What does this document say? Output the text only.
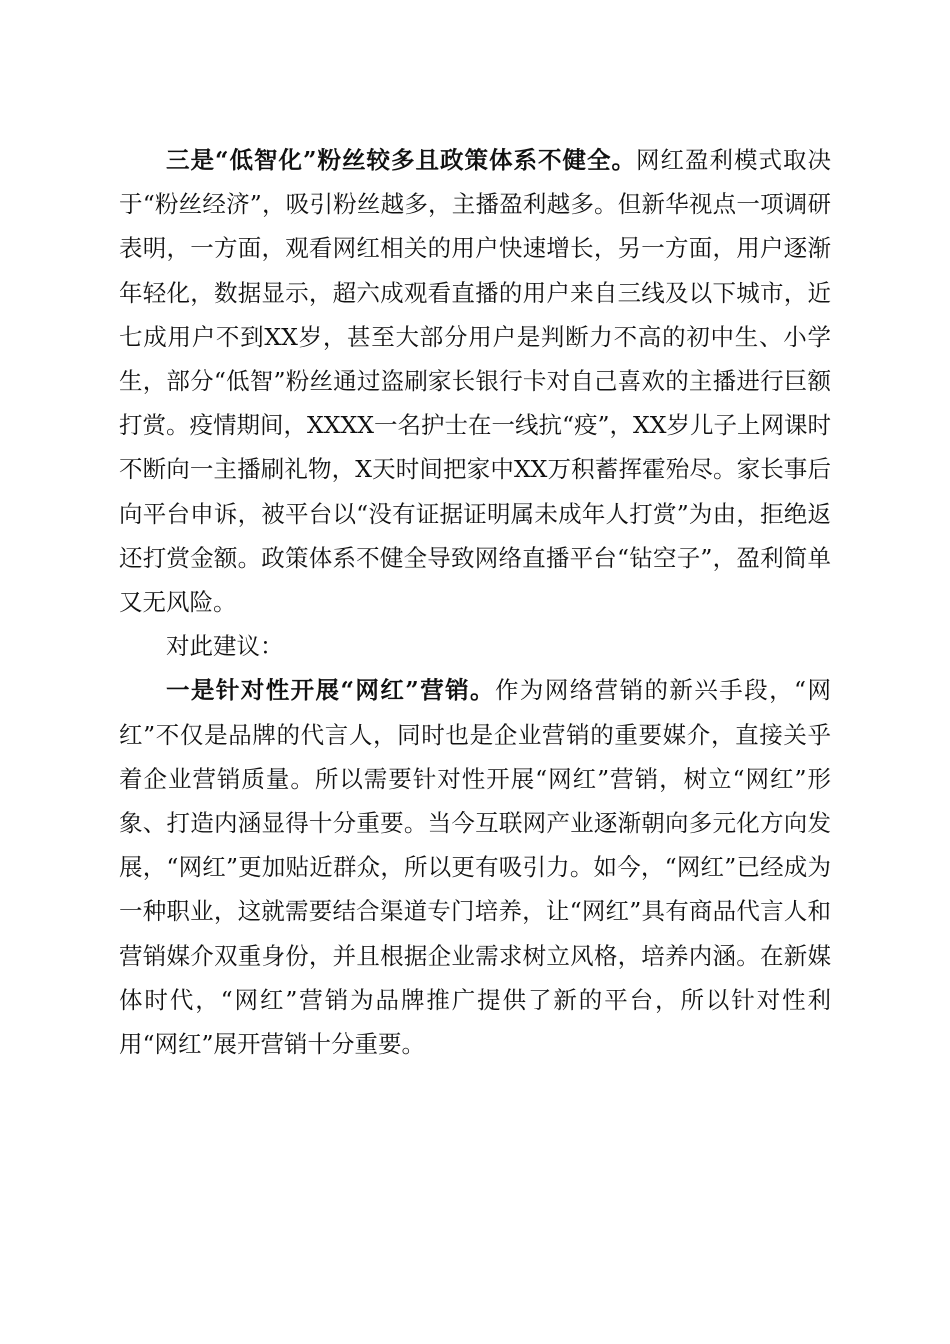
三是“低智化”粉丝较多且政策体系不健全。网红盈利模式取决于“粉丝经济”，吸引粉丝越多，主播盈利越多。但新华视点一项调研表明，一方面，观看网红相关的用户快速增长，另一方面，用户逐渐年轻化，数据显示，超六成观看直播的用户来自三线及以下城市，近七成用户不到XX岁，甚至大部分用户是判断力不高的初中生、小学生，部分“低智”粉丝通过盗刷家长银行卡对自己喜欢的主播进行巨额打赏。疫情期间，XXXX一名护士在一线抗“疫”，XX岁儿子上网课时不断向一主播刷礼物，X天时间把家中XX万积蓄挥霍殆尽。家长事后向平台申诉，被平台以“没有证据证明属未成年人打赏”为由，拒绝返还打赏金额。政策体系不健全导致网络直播平台“钻空子”，盈利简单又无风险。

对此建议：

一是针对性开展“网红”营销。作为网络营销的新兴手段，“网红”不仅是品牌的代言人，同时也是企业营销的重要媒介，直接关乎着企业营销质量。所以需要针对性开展“网红”营销，树立“网红”形象、打造内涵显得十分重要。当今互联网产业逐渐朝向多元化方向发展，“网红”更加贴近群众，所以更有吸引力。如今，“网红”已经成为一种职业，这就需要结合渠道专门培养，让“网红”具有商品代言人和营销媒介双重身份，并且根据企业需求树立风格，培养内涵。在新媒体时代，“网红”营销为品牌推广提供了新的平台，所以针对性利用“网红”展开营销十分重要。
